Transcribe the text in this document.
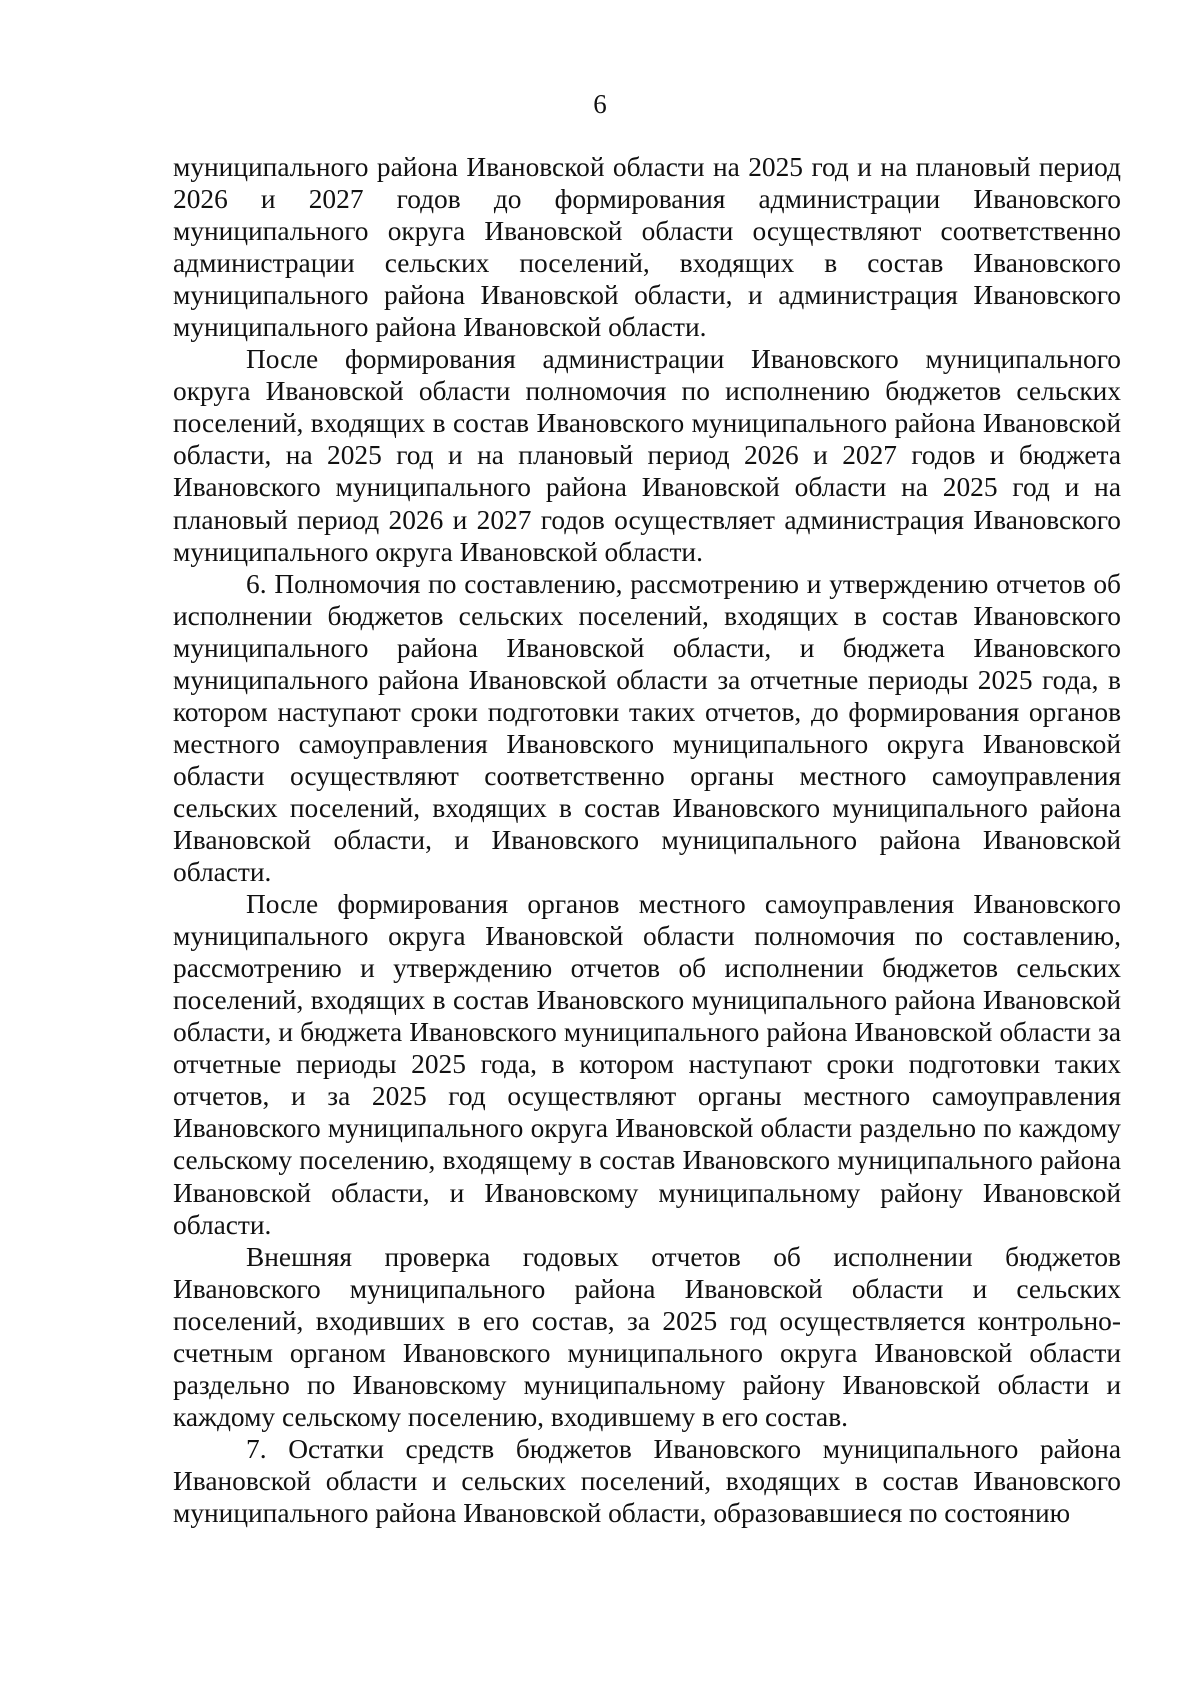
6

муниципального района Ивановской области на 2025 год и на плановый период 2026 и 2027 годов до формирования администрации Ивановского муниципального округа Ивановской области осуществляют соответственно администрации сельских поселений, входящих в состав Ивановского муниципального района Ивановской области, и администрация Ивановского муниципального района Ивановской области.

После формирования администрации Ивановского муниципального округа Ивановской области полномочия по исполнению бюджетов сельских поселений, входящих в состав Ивановского муниципального района Ивановской области, на 2025 год и на плановый период 2026 и 2027 годов и бюджета Ивановского муниципального района Ивановской области на 2025 год и на плановый период 2026 и 2027 годов осуществляет администрация Ивановского муниципального округа Ивановской области.

6. Полномочия по составлению, рассмотрению и утверждению отчетов об исполнении бюджетов сельских поселений, входящих в состав Ивановского муниципального района Ивановской области, и бюджета Ивановского муниципального района Ивановской области за отчетные периоды 2025 года, в котором наступают сроки подготовки таких отчетов, до формирования органов местного самоуправления Ивановского муниципального округа Ивановской области осуществляют соответственно органы местного самоуправления сельских поселений, входящих в состав Ивановского муниципального района Ивановской области, и Ивановского муниципального района Ивановской области.

После формирования органов местного самоуправления Ивановского муниципального округа Ивановской области полномочия по составлению, рассмотрению и утверждению отчетов об исполнении бюджетов сельских поселений, входящих в состав Ивановского муниципального района Ивановской области, и бюджета Ивановского муниципального района Ивановской области за отчетные периоды 2025 года, в котором наступают сроки подготовки таких отчетов, и за 2025 год осуществляют органы местного самоуправления Ивановского муниципального округа Ивановской области раздельно по каждому сельскому поселению, входящему в состав Ивановского муниципального района Ивановской области, и Ивановскому муниципальному району Ивановской области.

Внешняя проверка годовых отчетов об исполнении бюджетов Ивановского муниципального района Ивановской области и сельских поселений, входивших в его состав, за 2025 год осуществляется контрольно-счетным органом Ивановского муниципального округа Ивановской области раздельно по Ивановскому муниципальному району Ивановской области и каждому сельскому поселению, входившему в его состав.

7. Остатки средств бюджетов Ивановского муниципального района Ивановской области и сельских поселений, входящих в состав Ивановского муниципального района Ивановской области, образовавшиеся по состоянию
